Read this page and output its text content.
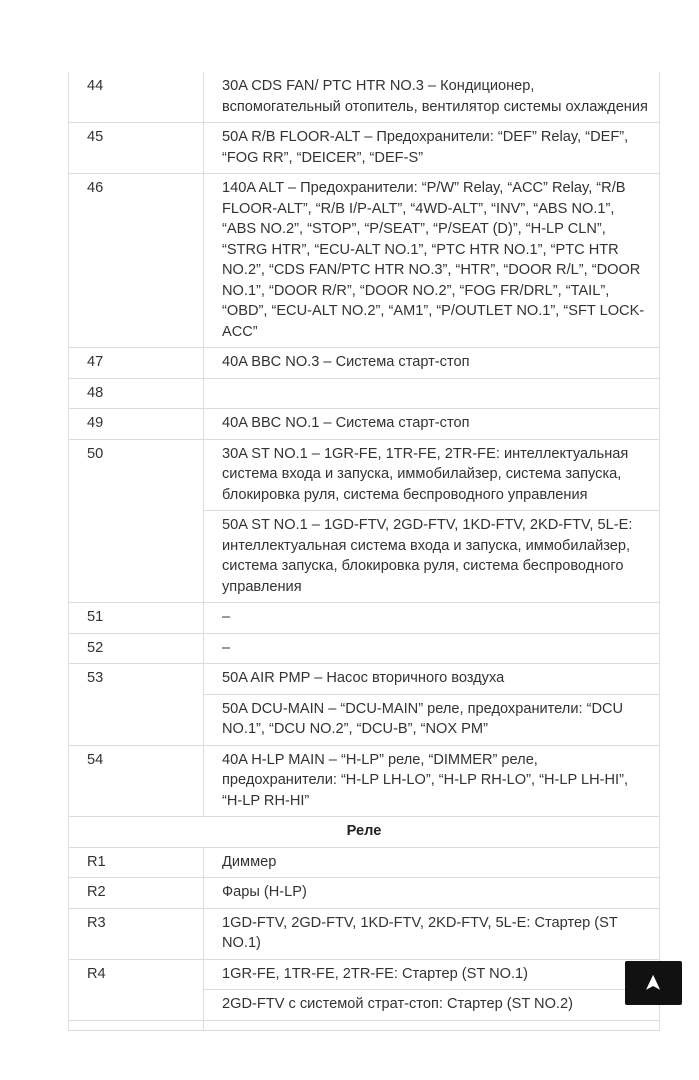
44	30A CDS FAN/ PTC HTR NO.3 – Кондиционер, вспомогательный отопитель, вентилятор системы охлаждения
45	50A R/B FLOOR-ALT – Предохранители: “DEF” Relay, “DEF”, “FOG RR”, “DEICER”, “DEF-S”
46	140A ALT – Предохранители: “P/W” Relay, “ACC” Relay, “R/B FLOOR-ALT”, “R/B I/P-ALT”, “4WD-ALT”, “INV”, “ABS NO.1”, “ABS NO.2”, “STOP”, “P/SEAT”, “P/SEAT (D)”, “H-LP CLN”, “STRG HTR”, “ECU-ALT NO.1”, “PTC HTR NO.1”, “PTC HTR NO.2”, “CDS FAN/PTC HTR NO.3”, “HTR”, “DOOR R/L”, “DOOR NO.1”, “DOOR R/R”, “DOOR NO.2”, “FOG FR/DRL”, “TAIL”, “OBD”, “ECU-ALT NO.2”, “AM1”, “P/OUTLET NO.1”, “SFT LOCK-ACC”
47	40A BBC NO.3 – Система старт-стоп
48	
49	40A BBC NO.1 – Система старт-стоп
50	30A ST NO.1 – 1GR-FE, 1TR-FE, 2TR-FE: интеллектуальная система входа и запуска, иммобилайзер, система запуска, блокировка руля, система беспроводного управления
	50A ST NO.1 – 1GD-FTV, 2GD-FTV, 1KD-FTV, 2KD-FTV, 5L-E: интеллектуальная система входа и запуска, иммобилайзер, система запуска, блокировка руля, система беспроводного управления
51	–
52	–
53	50A AIR PMP – Насос вторичного воздуха
	50A DCU-MAIN – “DCU-MAIN” реле, предохранители: “DCU NO.1”, “DCU NO.2”, “DCU-B”, “NOX PM”
54	40A H-LP MAIN – “H-LP” реле, “DIMMER” реле, предохранители: “H-LP LH-LO”, “H-LP RH-LO”, “H-LP LH-HI”, “H-LP RH-HI”
Реле	
R1	Диммер
R2	Фары (H-LP)
R3	1GD-FTV, 2GD-FTV, 1KD-FTV, 2KD-FTV, 5L-E: Стартер (ST NO.1)
R4	1GR-FE, 1TR-FE, 2TR-FE: Стартер (ST NO.1)
	2GD-FTV с системой страт-стоп: Стартер (ST NO.2)

➤
